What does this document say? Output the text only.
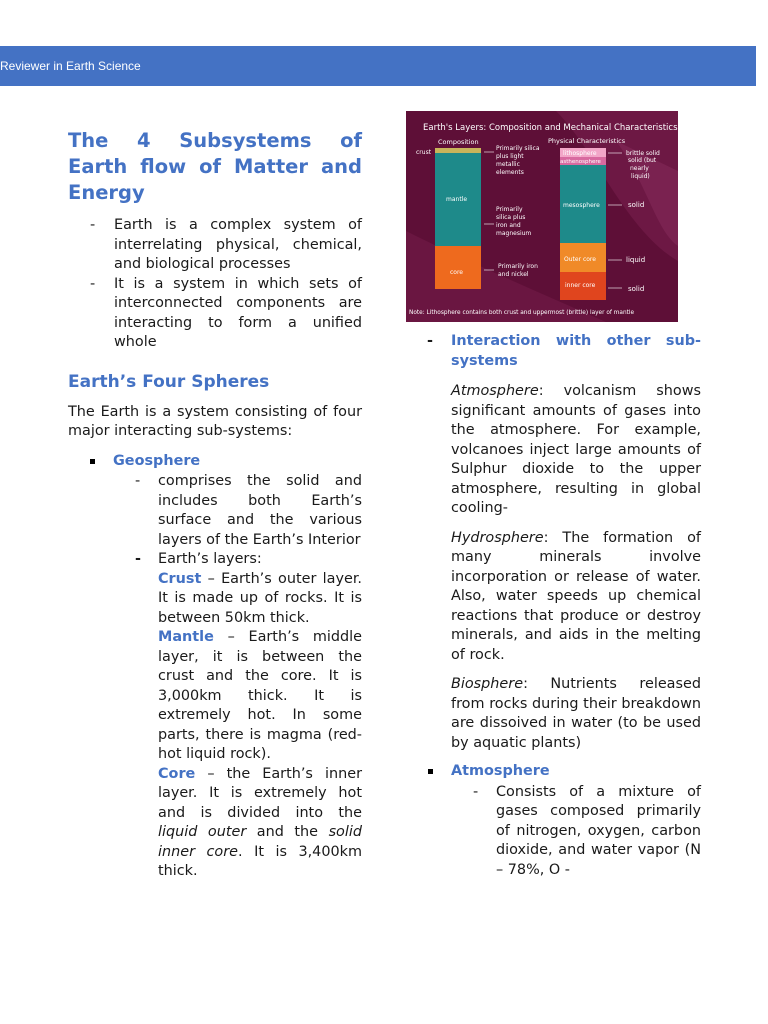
Reviewer in Earth Science
The 4 Subsystems of Earth flow of Matter and Energy
- Earth is a complex system of interrelating physical, chemical, and biological processes
- It is a system in which sets of interconnected components are interacting to form a unified whole
Earth’s Four Spheres

The Earth is a system consisting of four major interacting sub-systems:

Geosphere
- comprises the solid and includes both Earth’s surface and the various layers of the Earth’s Interior
- Earth’s layers:
Crust – Earth’s outer layer. It is made up of rocks. It is between 50km thick.
Mantle – Earth’s middle layer, it is between the crust and the core. It is 3,000km thick. It is extremely hot. In some parts, there is magma (red-hot liquid rock).
Core – the Earth’s inner layer. It is extremely hot and is divided into the liquid outer and the solid inner core. It is 3,400km thick.
Earth's Layers: Composition and Mechanical Characteristics
Composition	Physical Characteristics
crust
mantle
core
Primarily silica plus light metallic elements
Primarily silica plus iron and magnesium
Primarily iron and nickel
lithosphere
asthenosphere
mesosphere
Outer core
inner core
brittle solid
solid (but nearly liquid)
solid
liquid
solid
Note: Lithosphere contains both crust and uppermost (brittle) layer of mantle
-	Interaction with other sub-systems

Atmosphere: volcanism shows significant amounts of gases into the atmosphere. For example, volcanoes inject large amounts of Sulphur dioxide to the upper atmosphere, resulting in global cooling-

Hydrosphere: The formation of many minerals involve incorporation or release of water. Also, water speeds up chemical reactions that produce or destroy minerals, and aids in the melting of rock.

Biosphere: Nutrients released from rocks during their breakdown are dissoived in water (to be used by aquatic plants)

Atmosphere
- Consists of a mixture of gases composed primarily of nitrogen, oxygen, carbon dioxide, and water vapor (N – 78%, O -
